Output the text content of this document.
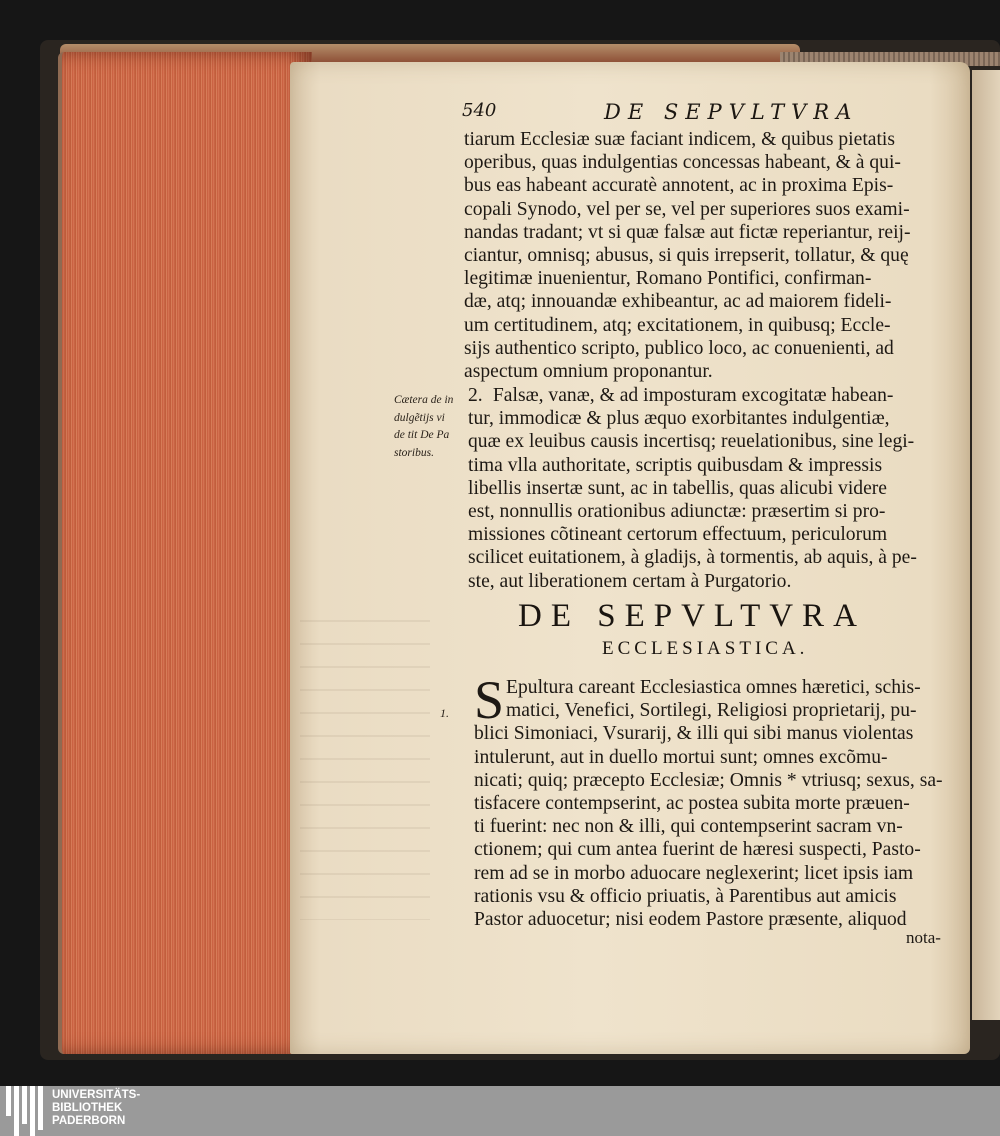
540	DE SEPVLTVRA
tiarum Ecclesiæ suæ faciant indicem, & quibus pietatis
operibus, quas indulgentias concessas habeant, & à qui-
bus eas habeant accuratè annotent, ac in proxima Epis-
copali Synodo, vel per se, vel per superiores suos exami-
nandas tradant; vt si quæ falsæ aut fictæ reperiantur, reij-
ciantur, omnisq; abusus, si quis irrepserit, tollatur, & quę
legitimæ inuenientur, Romano Pontifici, confirman-
dæ, atq; innouandæ exhibeantur, ac ad maiorem fideli-
um certitudinem, atq; excitationem, in quibusq; Eccle-
sijs authentico scripto, publico loco, ac conuenienti, ad
aspectum omnium proponantur.
Cætera de in
dulgẽtijs vi
de tit De Pa
storibus.
2. Falsæ, vanæ, & ad imposturam excogitatæ habean-
tur, immodicæ & plus æquo exorbitantes indulgentiæ,
quæ ex leuibus causis incertisq; reuelationibus, sine legi-
tima vlla authoritate, scriptis quibusdam & impressis
libellis insertæ sunt, ac in tabellis, quas alicubi videre
est, nonnullis orationibus adiunctæ: præsertim si pro-
missiones cõtineant certorum effectuum, periculorum
scilicet euitationem, à gladijs, à tormentis, ab aquis, à pe-
ste, aut liberationem certam à Purgatorio.
DE SEPVLTVRA
ECCLESIASTICA.
1. S Epultura careant Ecclesiastica omnes hæretici, schis-
matici, Venefici, Sortilegi, Religiosi proprietarij, pu-
blici Simoniaci, Vsurarij, & illi qui sibi manus violentas
intulerunt, aut in duello mortui sunt; omnes excõmu-
nicati; quiq; præcepto Ecclesiæ; Omnis * vtriusq; sexus, sa-
tisfacere contempserint, ac postea subita morte præuen-
ti fuerint: nec non & illi, qui contempserint sacram vn-
ctionem; qui cum antea fuerint de hæresi suspecti, Pasto-
rem ad se in morbo aduocare neglexerint; licet ipsis iam
rationis vsu & officio priuatis, à Parentibus aut amicis
Pastor aduocetur; nisi eodem Pastore præsente, aliquod
nota-
UNIVERSITÄTS-
BIBLIOTHEK
PADERBORN
